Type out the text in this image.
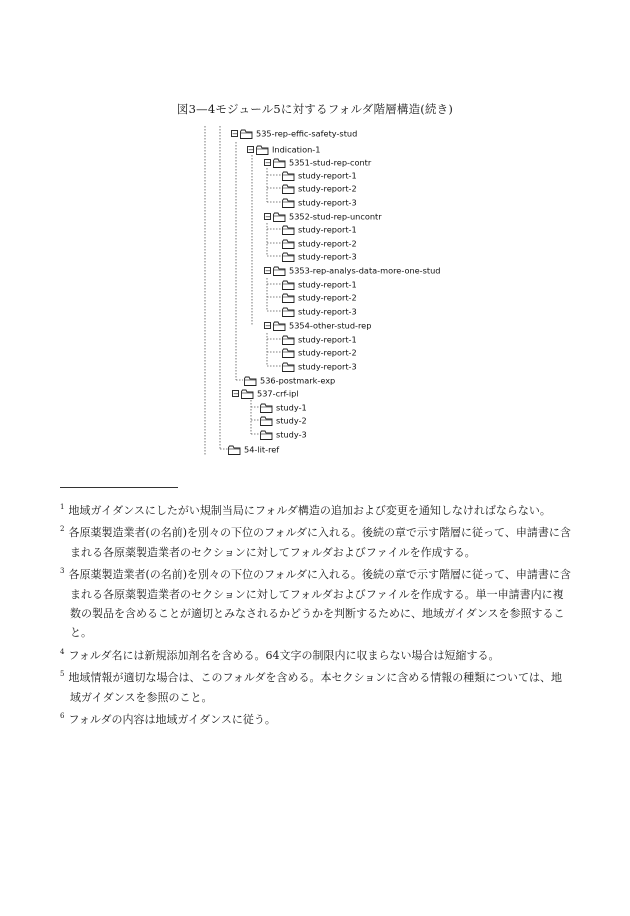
図3—4モジュール5に対するフォルダ階層構造(続き)
− 535-rep-effic-safety-stud
− Indication-1
− 5351-stud-rep-contr
study-report-1
study-report-2
study-report-3
− 5352-stud-rep-uncontr
study-report-1
study-report-2
study-report-3
− 5353-rep-analys-data-more-one-stud
study-report-1
study-report-2
study-report-3
− 5354-other-stud-rep
study-report-1
study-report-2
study-report-3
536-postmark-exp
− 537-crf-ipl
study-1
study-2
study-3
54-lit-ref

$^1$ 地域ガイダンスにしたがい規制当局にフォルダ構造の追加および変更を通知しなければならない。

$^2$ 各原薬製造業者(の名前)を別々の下位のフォルダに入れる。後続の章で示す階層に従って、申請書に含まれる各原薬製造業者のセクションに対してフォルダおよびファイルを作成する。

$^3$ 各原薬製造業者(の名前)を別々の下位のフォルダに入れる。後続の章で示す階層に従って、申請書に含まれる各原薬製造業者のセクションに対してフォルダおよびファイルを作成する。単一申請書内に複数の製品を含めることが適切とみなされるかどうかを判断するために、地域ガイダンスを参照すること。

$^4$ フォルダ名には新規添加剤名を含める。64文字の制限内に収まらない場合は短縮する。

$^5$ 地域情報が適切な場合は、このフォルダを含める。本セクションに含める情報の種類については、地域ガイダンスを参照のこと。

$^6$ フォルダの内容は地域ガイダンスに従う。
